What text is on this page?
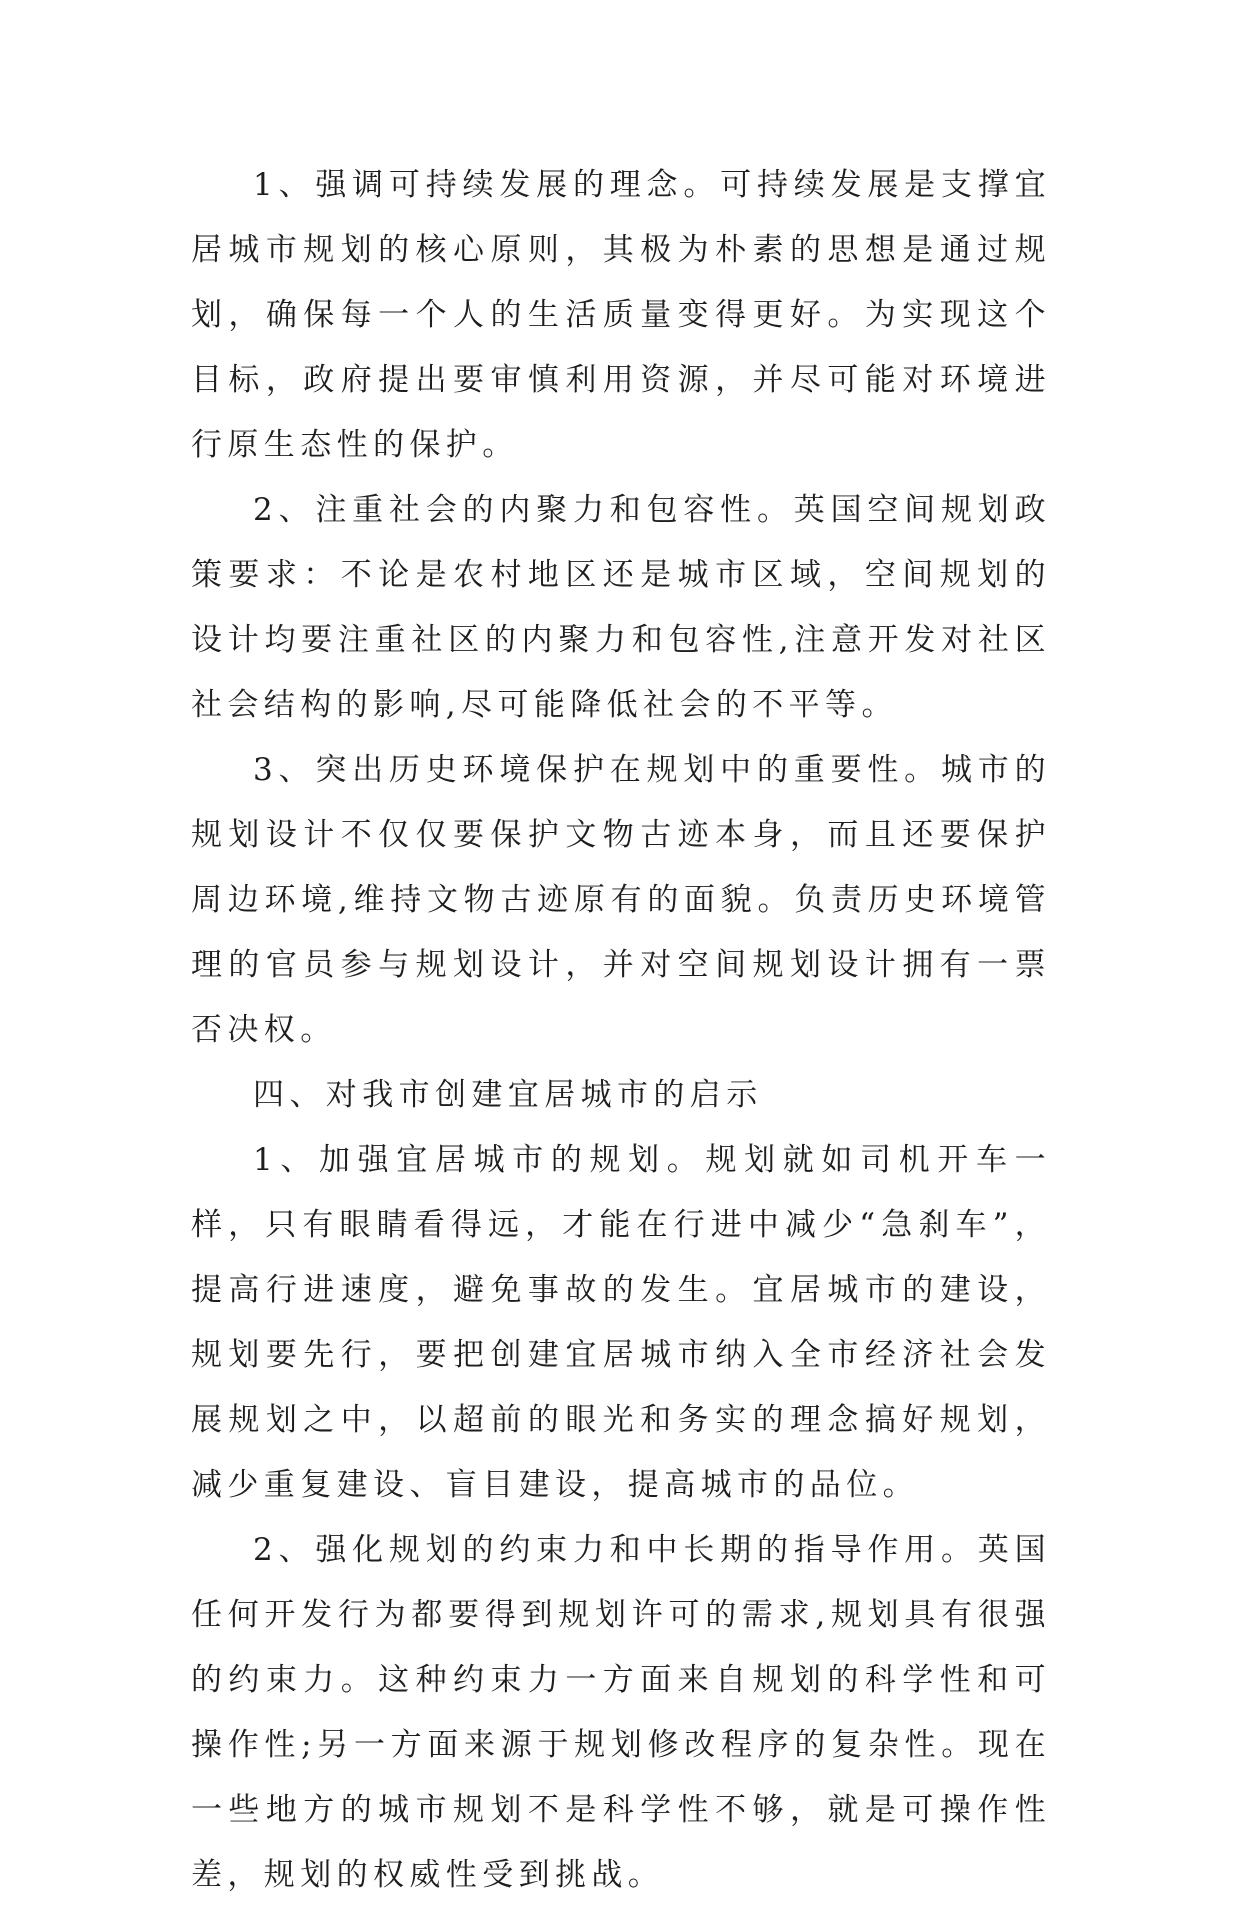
1、强调可持续发展的理念。可持续发展是支撑宜居城市规划的核心原则，其极为朴素的思想是通过规划，确保每一个人的生活质量变得更好。为实现这个目标，政府提出要审慎利用资源，并尽可能对环境进行原生态性的保护。

2、注重社会的内聚力和包容性。英国空间规划政策要求：不论是农村地区还是城市区域，空间规划的设计均要注重社区的内聚力和包容性,注意开发对社区社会结构的影响,尽可能降低社会的不平等。

3、突出历史环境保护在规划中的重要性。城市的规划设计不仅仅要保护文物古迹本身，而且还要保护周边环境,维持文物古迹原有的面貌。负责历史环境管理的官员参与规划设计，并对空间规划设计拥有一票否决权。

四、对我市创建宜居城市的启示

1、加强宜居城市的规划。规划就如司机开车一样，只有眼睛看得远，才能在行进中减少“急刹车”，提高行进速度，避免事故的发生。宜居城市的建设，规划要先行，要把创建宜居城市纳入全市经济社会发展规划之中，以超前的眼光和务实的理念搞好规划，减少重复建设、盲目建设，提高城市的品位。

2、强化规划的约束力和中长期的指导作用。英国任何开发行为都要得到规划许可的需求,规划具有很强的约束力。这种约束力一方面来自规划的科学性和可操作性;另一方面来源于规划修改程序的复杂性。现在一些地方的城市规划不是科学性不够，就是可操作性差，规划的权威性受到挑战。
